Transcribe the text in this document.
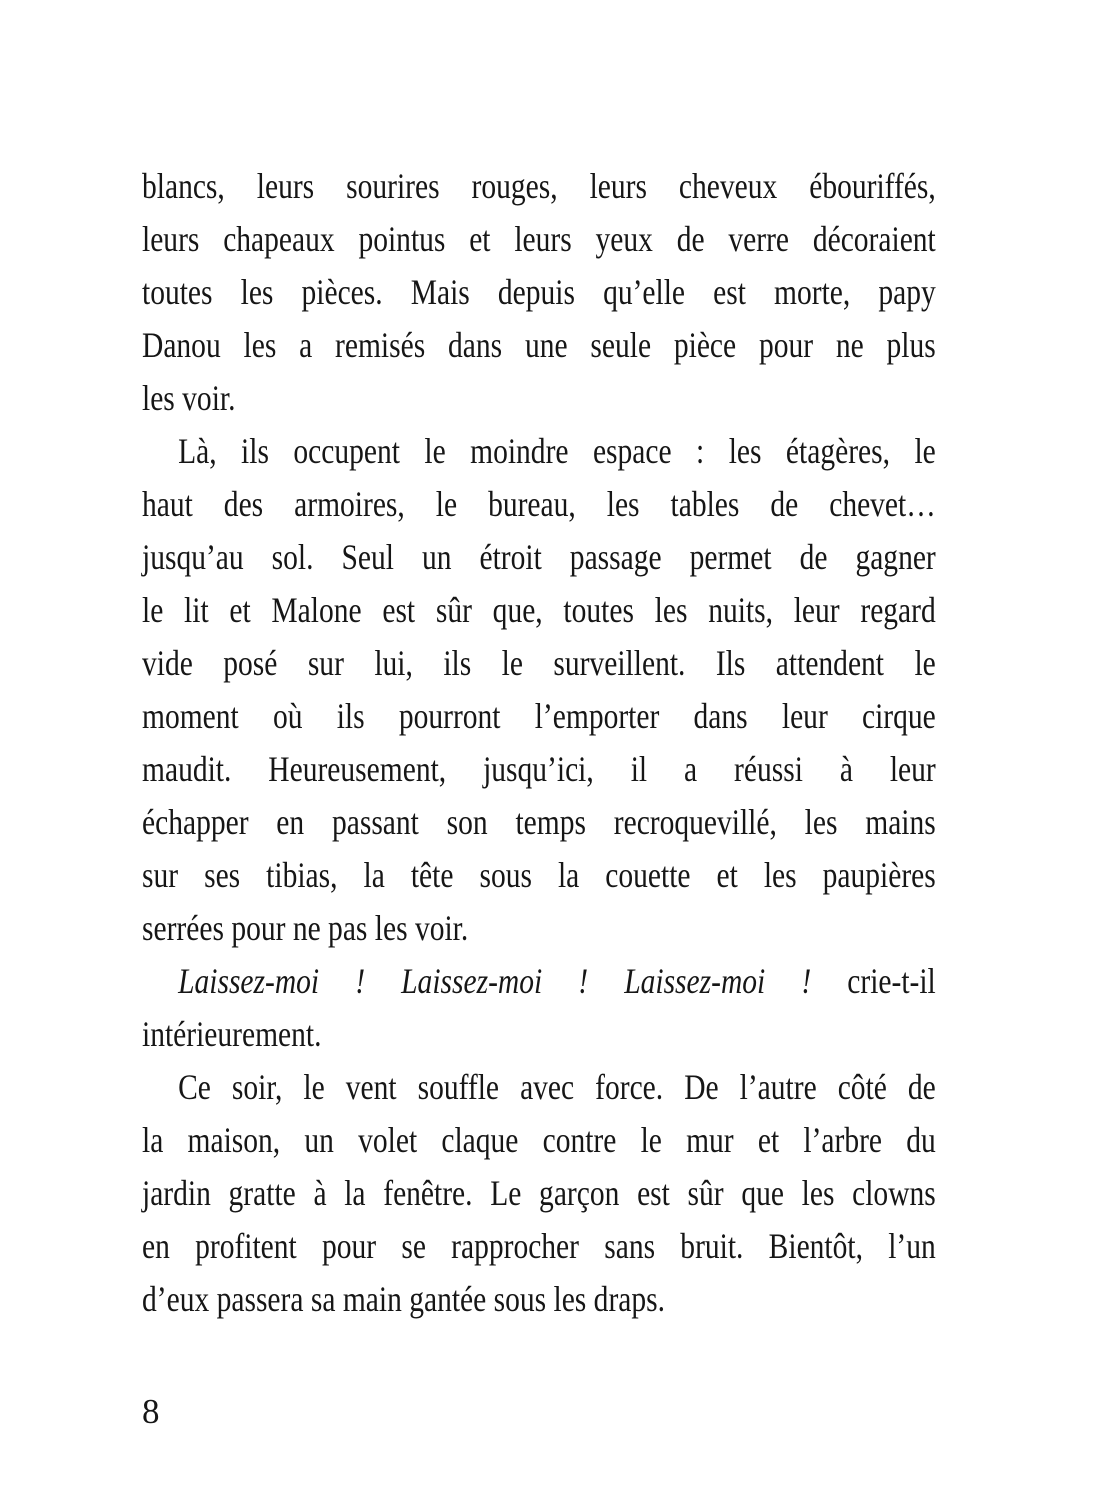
blancs, leurs sourires rouges, leurs cheveux ébouriffés,
leurs chapeaux pointus et leurs yeux de verre décoraient
toutes les pièces. Mais depuis qu’elle est morte, papy
Danou les a remisés dans une seule pièce pour ne plus
les voir.
Là, ils occupent le moindre espace : les étagères, le
haut des armoires, le bureau, les tables de chevet…
jusqu’au sol. Seul un étroit passage permet de gagner
le lit et Malone est sûr que, toutes les nuits, leur regard
vide posé sur lui, ils le surveillent. Ils attendent le
moment où ils pourront l’emporter dans leur cirque
maudit. Heureusement, jusqu’ici, il a réussi à leur
échapper en passant son temps recroquevillé, les mains
sur ses tibias, la tête sous la couette et les paupières
serrées pour ne pas les voir.
Laissez-moi ! Laissez-moi ! Laissez-moi ! crie-t-il
intérieurement.
Ce soir, le vent souffle avec force. De l’autre côté de
la maison, un volet claque contre le mur et l’arbre du
jardin gratte à la fenêtre. Le garçon est sûr que les clowns
en profitent pour se rapprocher sans bruit. Bientôt, l’un
d’eux passera sa main gantée sous les draps.
8
